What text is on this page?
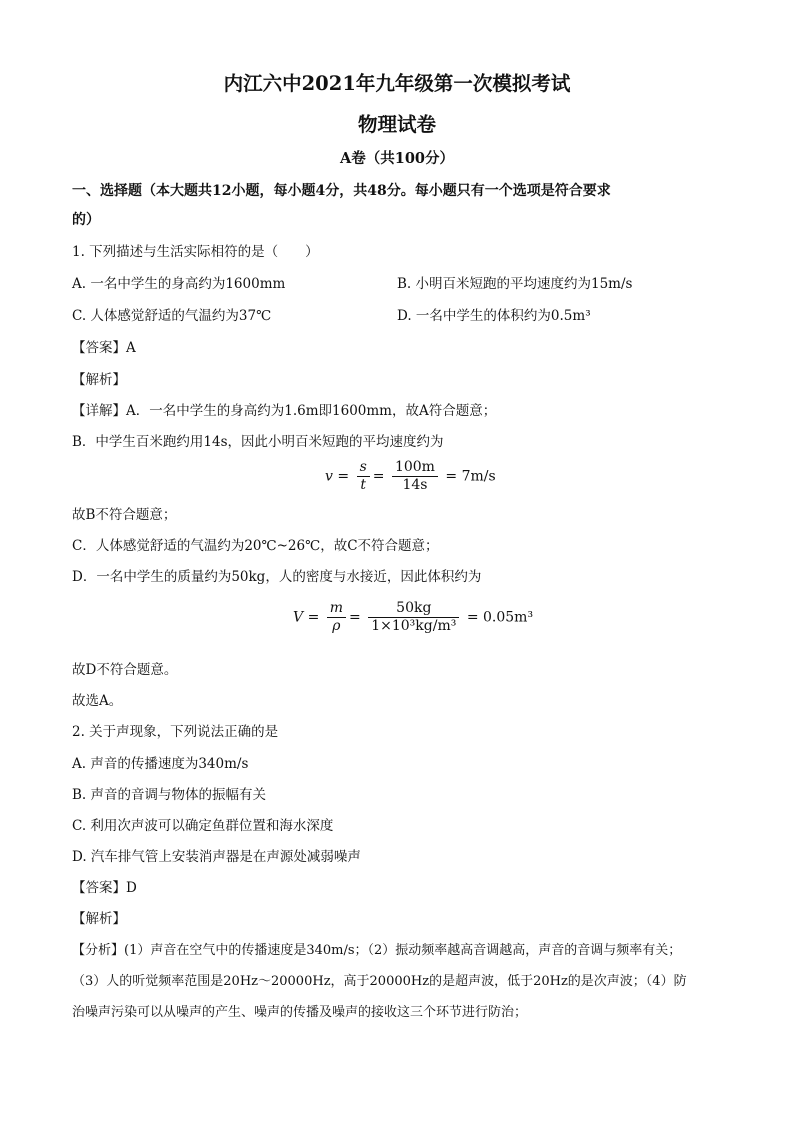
内江六中2021年九年级第一次模拟考试
物理试卷
A卷（共100分）
一、选择题（本大题共12小题，每小题4分，共48分。每小题只有一个选项是符合要求
的）
1. 下列描述与生活实际相符的是（　　）
A. 一名中学生的身高约为1600mm	B. 小明百米短跑的平均速度约为15m/s
C. 人体感觉舒适的气温约为37℃	D. 一名中学生的体积约为0.5m³
【答案】A
【解析】
【详解】A．一名中学生的身高约为1.6m即1600mm，故A符合题意；
B．中学生百米跑约用14s，因此小明百米短跑的平均速度约为
$v = \frac{s}{t} = \frac{100m}{14s} = 7m/s$
故B不符合题意；
C．人体感觉舒适的气温约为20℃~26℃，故C不符合题意；
D．一名中学生的质量约为50kg，人的密度与水接近，因此体积约为
$V = \frac{m}{\rho} = \frac{50kg}{\text{1×10³kg/m³}} = 0.05m^3$
故D不符合题意。
故选A。
2. 关于声现象，下列说法正确的是
A. 声音的传播速度为340m/s
B. 声音的音调与物体的振幅有关
C. 利用次声波可以确定鱼群位置和海水深度
D. 汽车排气管上安装消声器是在声源处减弱噪声
【答案】D
【解析】
【分析】(1）声音在空气中的传播速度是340m/s；（2）振动频率越高音调越高，声音的音调与频率有关；
（3）人的听觉频率范围是20Hz～20000Hz，高于20000Hz的是超声波，低于20Hz的是次声波；（4）防
治噪声污染可以从噪声的产生、噪声的传播及噪声的接收这三个环节进行防治；
